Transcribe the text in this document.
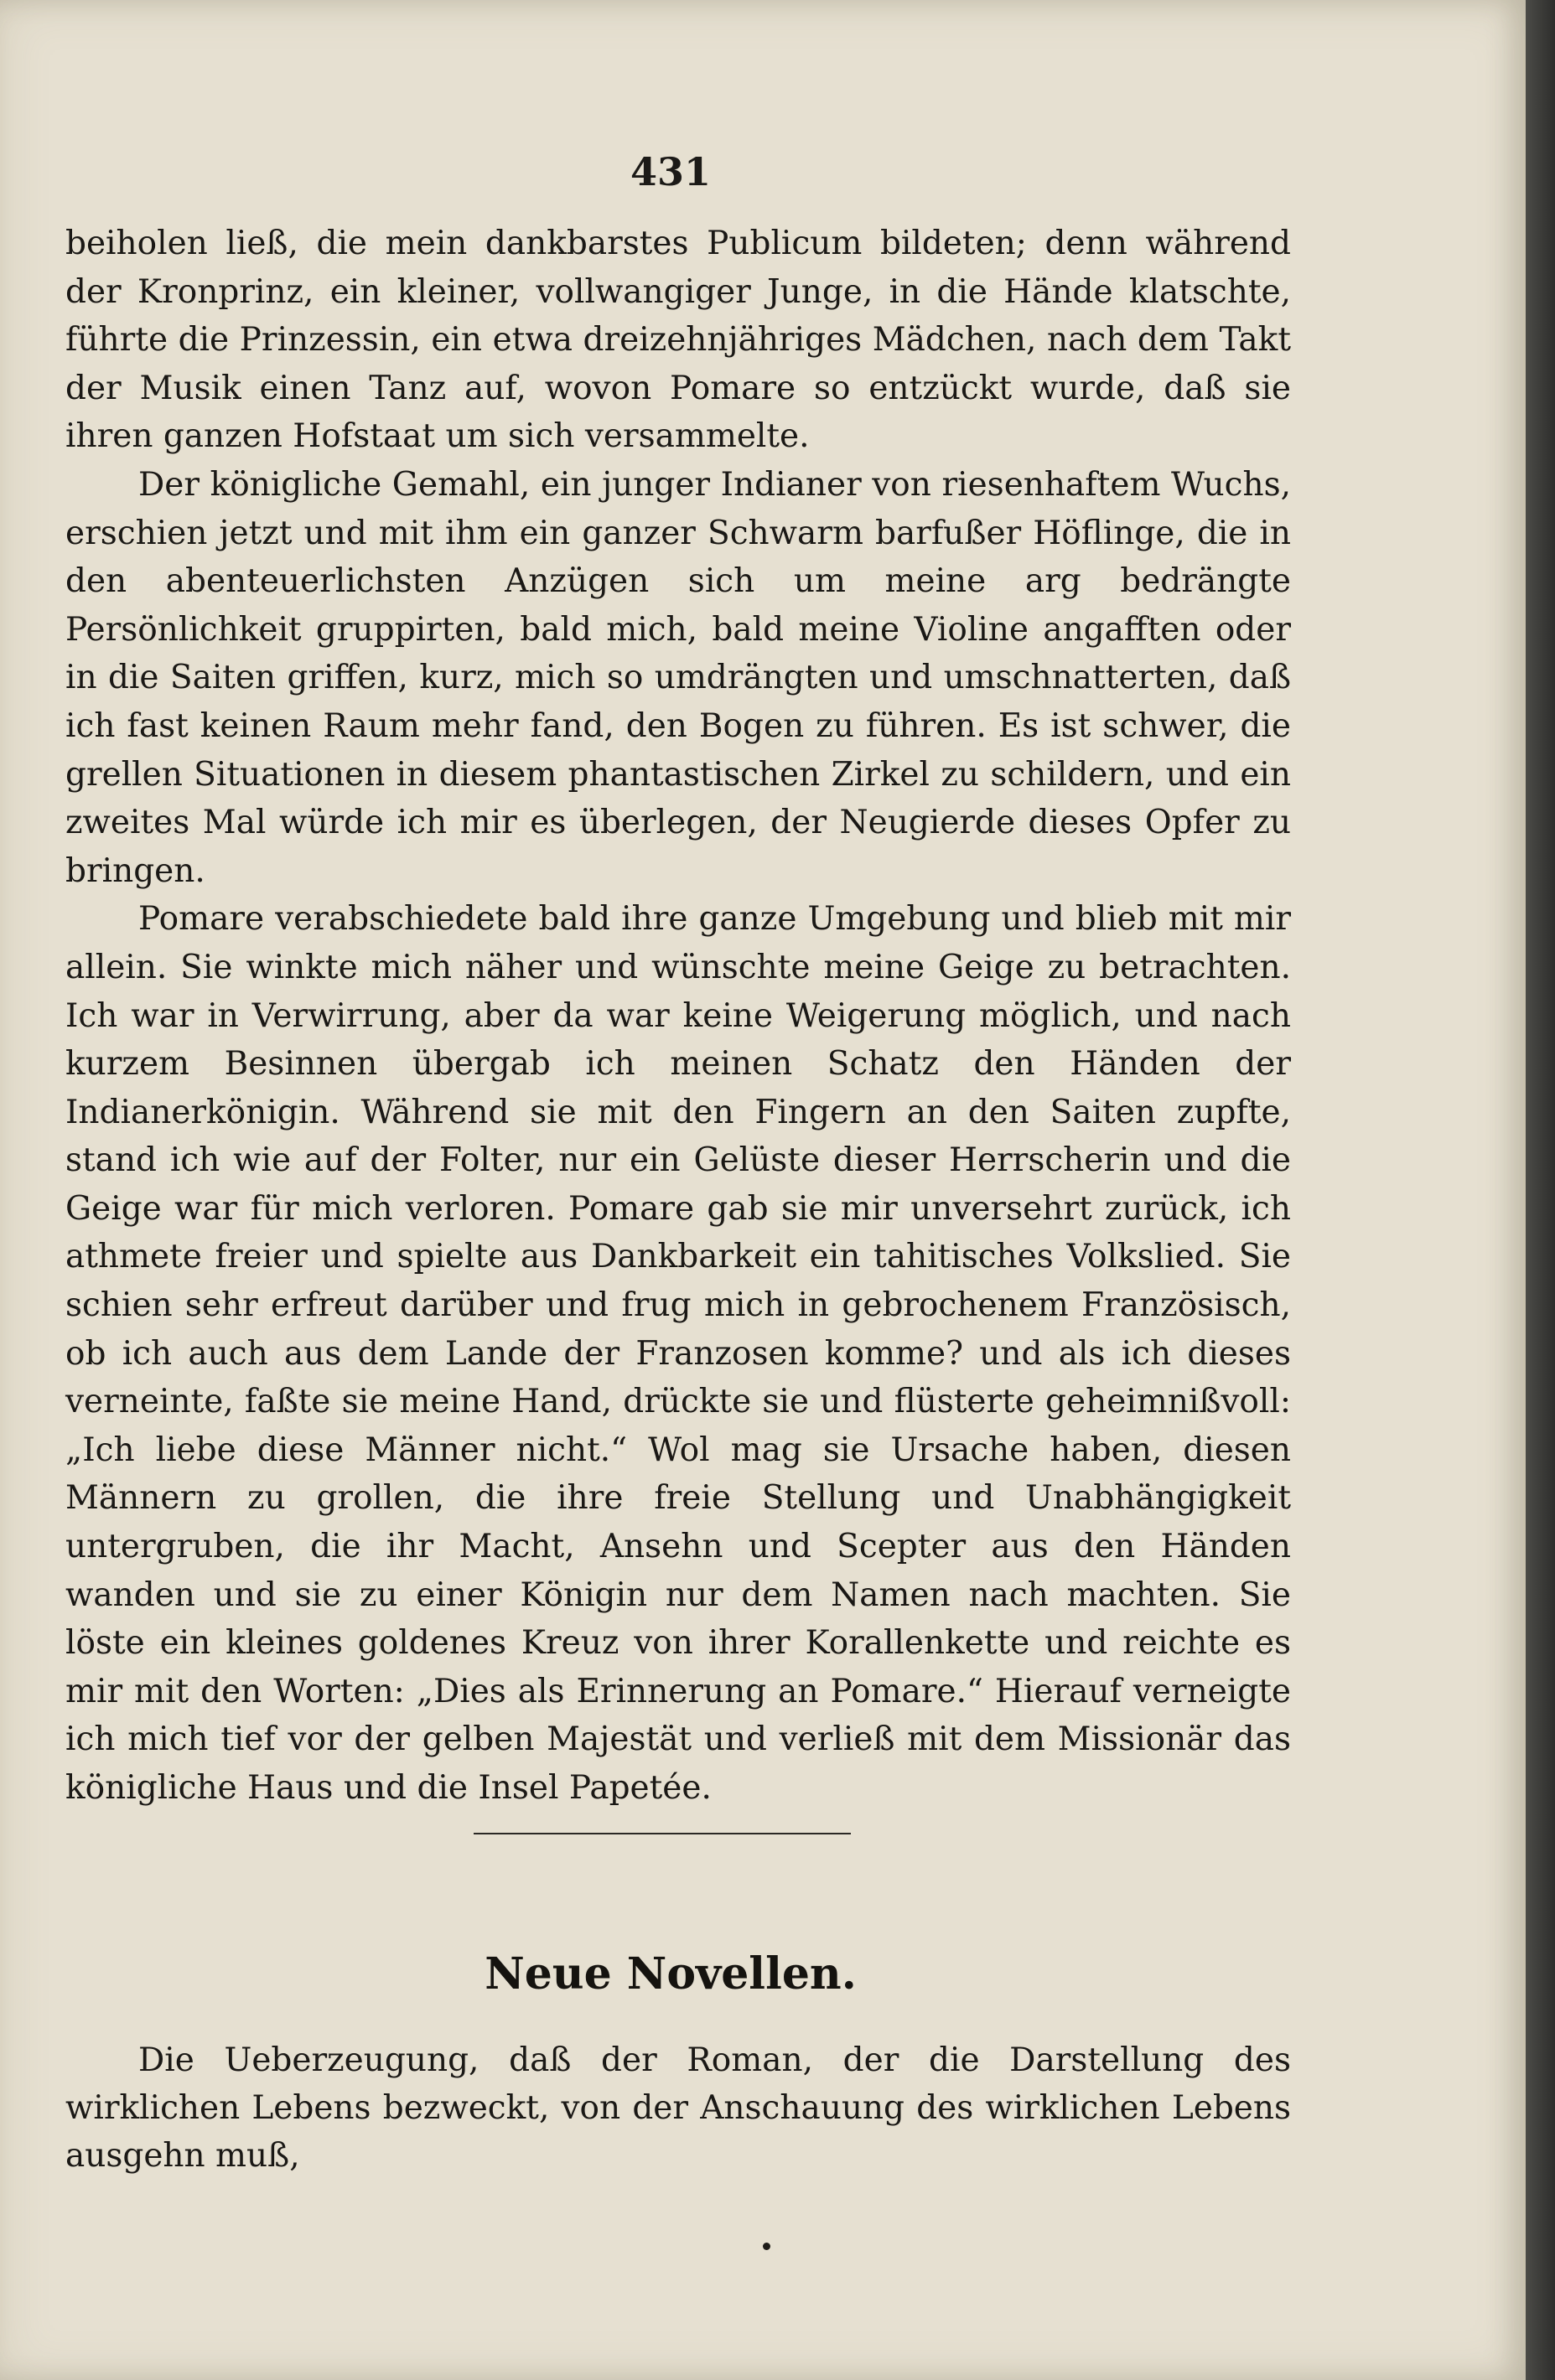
431

beiholen ließ, die mein dankbarstes Publicum bildeten; denn während der Kronprinz, ein kleiner, vollwangiger Junge, in die Hände klatschte, führte die Prinzessin, ein etwa dreizehnjähriges Mädchen, nach dem Takt der Musik einen Tanz auf, wovon Pomare so entzückt wurde, daß sie ihren ganzen Hofstaat um sich versammelte.

Der königliche Gemahl, ein junger Indianer von riesenhaftem Wuchs, erschien jetzt und mit ihm ein ganzer Schwarm barfußer Höflinge, die in den abenteuerlichsten Anzügen sich um meine arg bedrängte Persönlichkeit gruppirten, bald mich, bald meine Violine angafften oder in die Saiten griffen, kurz, mich so umdrängten und umschnatterten, daß ich fast keinen Raum mehr fand, den Bogen zu führen. Es ist schwer, die grellen Situationen in diesem phantastischen Zirkel zu schildern, und ein zweites Mal würde ich mir es überlegen, der Neugierde dieses Opfer zu bringen.

Pomare verabschiedete bald ihre ganze Umgebung und blieb mit mir allein. Sie winkte mich näher und wünschte meine Geige zu betrachten. Ich war in Verwirrung, aber da war keine Weigerung möglich, und nach kurzem Besinnen übergab ich meinen Schatz den Händen der Indianerkönigin. Während sie mit den Fingern an den Saiten zupfte, stand ich wie auf der Folter, nur ein Gelüste dieser Herrscherin und die Geige war für mich verloren. Pomare gab sie mir unversehrt zurück, ich athmete freier und spielte aus Dankbarkeit ein tahitisches Volkslied. Sie schien sehr erfreut darüber und frug mich in gebrochenem Französisch, ob ich auch aus dem Lande der Franzosen komme? und als ich dieses verneinte, faßte sie meine Hand, drückte sie und flüsterte geheimnißvoll: „Ich liebe diese Männer nicht.“ Wol mag sie Ursache haben, diesen Männern zu grollen, die ihre freie Stellung und Unabhängigkeit untergruben, die ihr Macht, Ansehn und Scepter aus den Händen wanden und sie zu einer Königin nur dem Namen nach machten. Sie löste ein kleines goldenes Kreuz von ihrer Korallenkette und reichte es mir mit den Worten: „Dies als Erinnerung an Pomare.“ Hierauf verneigte ich mich tief vor der gelben Majestät und verließ mit dem Missionär das königliche Haus und die Insel Papetée.

Neue Novellen.

Die Ueberzeugung, daß der Roman, der die Darstellung des wirklichen Lebens bezweckt, von der Anschauung des wirklichen Lebens ausgehn muß,
